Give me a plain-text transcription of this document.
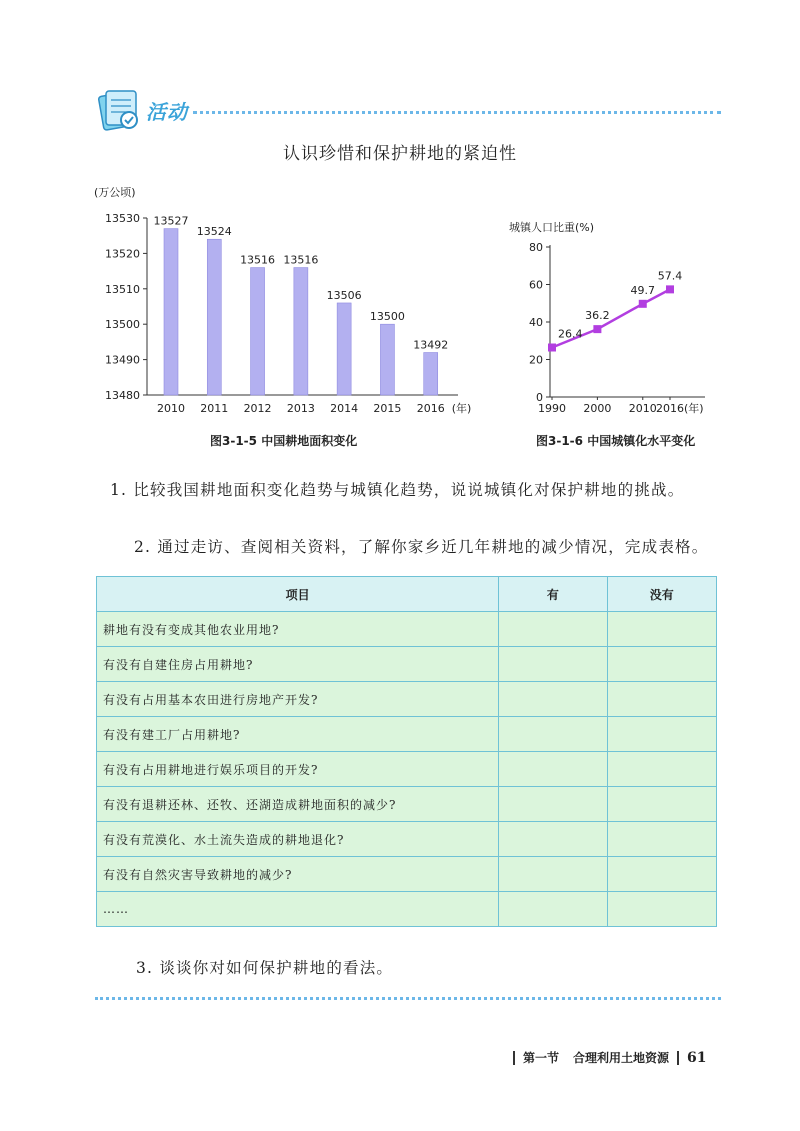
活动
认识珍惜和保护耕地的紧迫性
(万公顷)
13480
13490
13500
13510
13520
13530 13527
13524
13516 13516
13506
13500
13492
2010 2011 2012 2013 2014 2015 2016 (年)
城镇人口比重(%)
0
20
40
60
80
26.4
36.2
49.7
57.4
1990 2000 2010 2016 (年)
图3-1-5 中国耕地面积变化	图3-1-6 中国城镇化水平变化
1. 比较我国耕地面积变化趋势与城镇化趋势，说说城镇化对保护耕地的挑战。
2. 通过走访、查阅相关资料，了解你家乡近几年耕地的减少情况，完成表格。
项目	有	没有
耕地有没有变成其他农业用地?		
有没有自建住房占用耕地?		
有没有占用基本农田进行房地产开发?		
有没有建工厂占用耕地?		
有没有占用耕地进行娱乐项目的开发?		
有没有退耕还林、还牧、还湖造成耕地面积的减少?		
有没有荒漠化、水土流失造成的耕地退化?		
有没有自然灾害导致耕地的减少?		
……		
3. 谈谈你对如何保护耕地的看法。
第一节 合理利用土地资源 61
